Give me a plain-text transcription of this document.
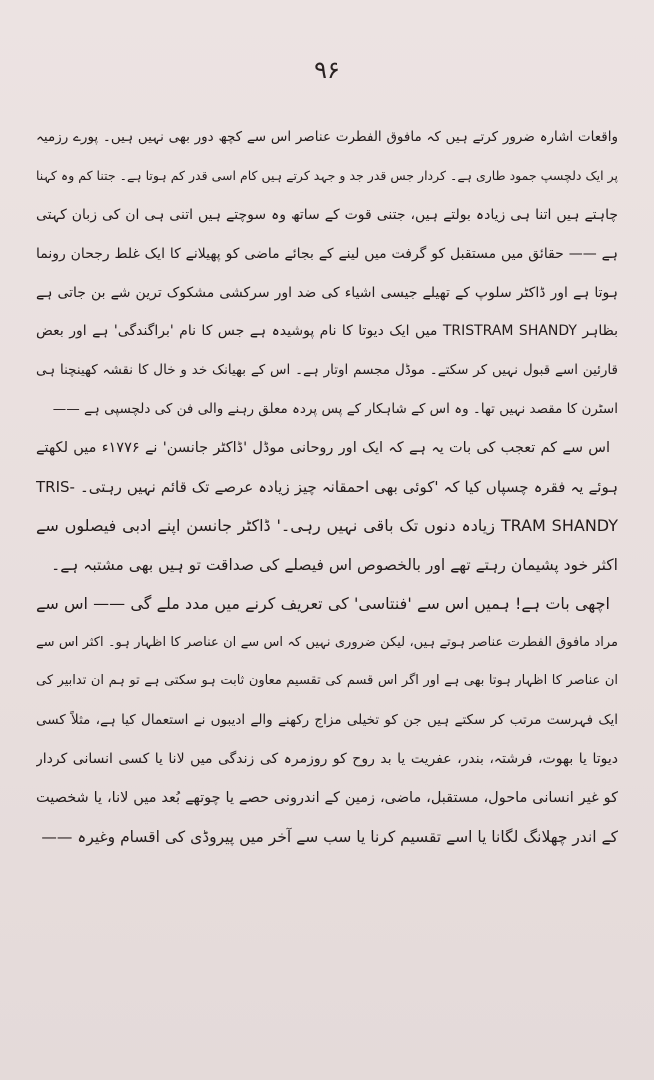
۹۶
واقعات اشارہ ضرور کرتے ہیں کہ مافوق الفطرت عناصر اس سے کچھ دور بھی نہیں ہیں۔ پورے رزمیہ
پر ایک دلچسپ جمود طاری ہے۔ کردار جس قدر جد و جہد کرتے ہیں کام اسی قدر کم ہوتا ہے۔ جتنا کم وہ کہنا
چاہتے ہیں اتنا ہی زیادہ بولتے ہیں، جتنی قوت کے ساتھ وہ سوچتے ہیں اتنی ہی ان کی زبان کہتی
ہے —— حقائق میں مستقبل کو گرفت میں لینے کے بجائے ماضی کو پھیلانے کا ایک غلط رجحان رونما
ہوتا ہے اور ڈاکٹر سلوپ کے تھیلے جیسی اشیاء کی ضد اور سرکشی مشکوک ترین شے بن جاتی ہے
بظاہر TRISTRAM SHANDY میں ایک دیوتا کا نام پوشیدہ ہے جس کا نام 'براگندگی' ہے اور بعض
قارئین اسے قبول نہیں کر سکتے۔ موڈل مجسم اوتار ہے۔ اس کے بھیانک خد و خال کا نقشہ کھینچنا ہی
اسٹرن کا مقصد نہیں تھا۔ وہ اس کے شاہکار کے پس پردہ معلق رہنے والی فن کی دلچسپی ہے ——
اس سے کم تعجب کی بات یہ ہے کہ ایک اور روحانی موڈل 'ڈاکٹر جانسن' نے ۱۷۷۶ء میں لکھتے
ہوئے یہ فقرہ چسپاں کیا کہ 'کوئی بھی احمقانہ چیز زیادہ عرصے تک قائم نہیں رہتی۔ -TRIS
TRAM SHANDY زیادہ دنوں تک باقی نہیں رہی۔' ڈاکٹر جانسن اپنے ادبی فیصلوں سے
اکثر خود پشیمان رہتے تھے اور بالخصوص اس فیصلے کی صداقت تو ہیں بھی مشتبہ ہے۔
اچھی بات ہے! ہمیں اس سے 'فنتاسی' کی تعریف کرنے میں مدد ملے گی —— اس سے
مراد مافوق الفطرت عناصر ہوتے ہیں، لیکن ضروری نہیں کہ اس سے ان عناصر کا اظہار ہو۔ اکثر اس سے
ان عناصر کا اظہار ہوتا بھی ہے اور اگر اس قسم کی تقسیم معاون ثابت ہو سکتی ہے تو ہم ان تدابیر کی
ایک فہرست مرتب کر سکتے ہیں جن کو تخیلی مزاج رکھنے والے ادیبوں نے استعمال کیا ہے، مثلاً کسی
دیوتا یا بھوت، فرشتہ، بندر، عفریت یا بد روح کو روزمرہ کی زندگی میں لانا یا کسی انسانی کردار
کو غیر انسانی ماحول، مستقبل، ماضی، زمین کے اندرونی حصے یا چوتھے بُعد میں لانا، یا شخصیت
کے اندر چھلانگ لگانا یا اسے تقسیم کرنا یا سب سے آخر میں پیروڈی کی اقسام وغیرہ ——
